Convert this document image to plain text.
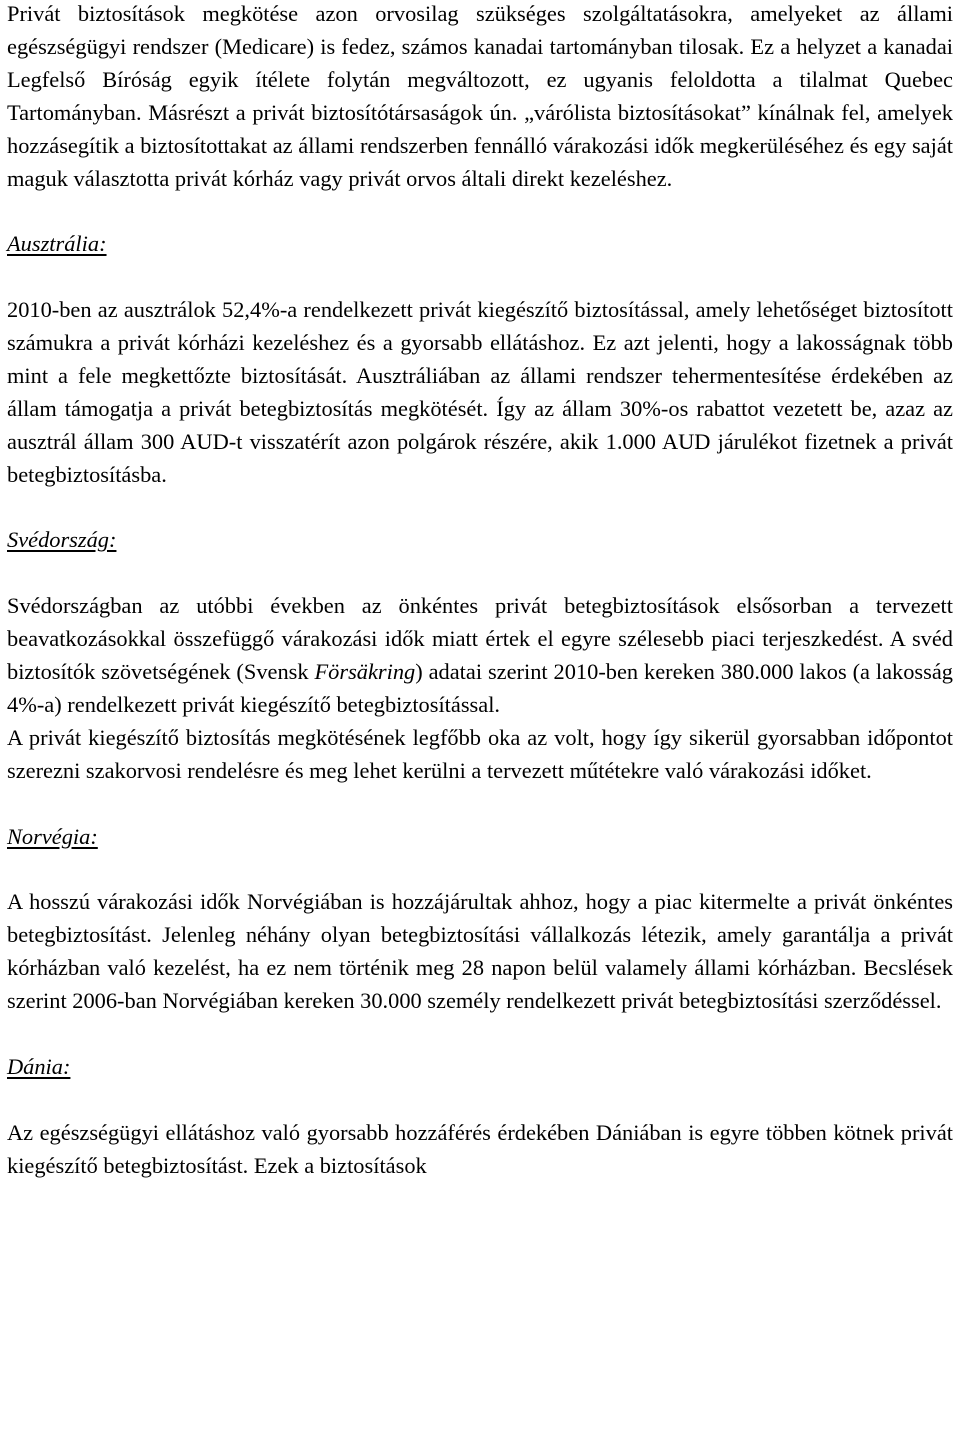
Privát biztosítások megkötése azon orvosilag szükséges szolgáltatásokra, amelyeket az állami egészségügyi rendszer (Medicare) is fedez, számos kanadai tartományban tilosak. Ez a helyzet a kanadai Legfelső Bíróság egyik ítélete folytán megváltozott, ez ugyanis feloldotta a tilalmat Quebec Tartományban. Másrészt a privát biztosítótársaságok ún. „várólista biztosításokat” kínálnak fel, amelyek hozzásegítik a biztosítottakat az állami rendszerben fennálló várakozási idők megkerüléséhez és egy saját maguk választotta privát kórház vagy privát orvos általi direkt kezeléshez.

Ausztrália:

2010-ben az ausztrálok 52,4%-a rendelkezett privát kiegészítő biztosítással, amely lehetőséget biztosított számukra a privát kórházi kezeléshez és a gyorsabb ellátáshoz. Ez azt jelenti, hogy a lakosságnak több mint a fele megkettőzte biztosítását. Ausztráliában az állami rendszer tehermentesítése érdekében az állam támogatja a privát betegbiztosítás megkötését. Így az állam 30%-os rabattot vezetett be, azaz az ausztrál állam 300 AUD-t visszatérít azon polgárok részére, akik 1.000 AUD járulékot fizetnek a privát betegbiztosításba.

Svédország:

Svédországban az utóbbi években az önkéntes privát betegbiztosítások elsősorban a tervezett beavatkozásokkal összefüggő várakozási idők miatt értek el egyre szélesebb piaci terjeszkedést. A svéd biztosítók szövetségének (Svensk Försäkring) adatai szerint 2010-ben kereken 380.000 lakos (a lakosság 4%-a) rendelkezett privát kiegészítő betegbiztosítással.

A privát kiegészítő biztosítás megkötésének legfőbb oka az volt, hogy így sikerül gyorsabban időpontot szerezni szakorvosi rendelésre és meg lehet kerülni a tervezett műtétekre való várakozási időket.

Norvégia:

A hosszú várakozási idők Norvégiában is hozzájárultak ahhoz, hogy a piac kitermelte a privát önkéntes betegbiztosítást. Jelenleg néhány olyan betegbiztosítási vállalkozás létezik, amely garantálja a privát kórházban való kezelést, ha ez nem történik meg 28 napon belül valamely állami kórházban. Becslések szerint 2006-ban Norvégiában kereken 30.000 személy rendelkezett privát betegbiztosítási szerződéssel.

Dánia:

Az egészségügyi ellátáshoz való gyorsabb hozzáférés érdekében Dániában is egyre többen kötnek privát kiegészítő betegbiztosítást. Ezek a biztosítások
